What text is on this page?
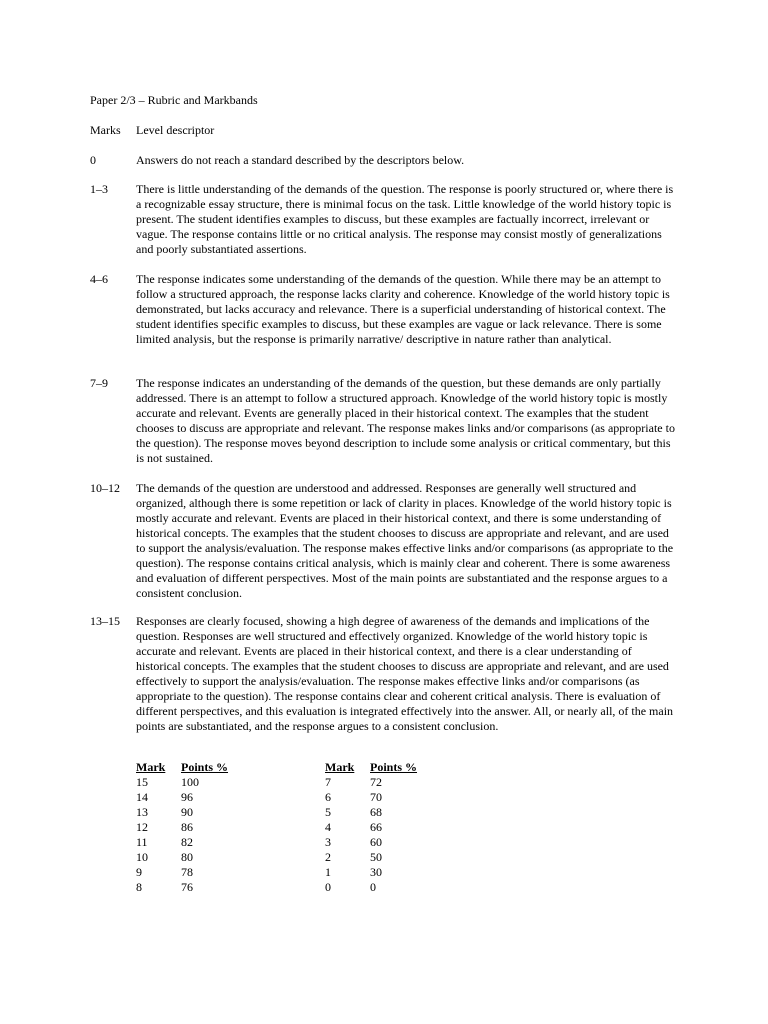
Paper 2/3 – Rubric and Markbands
Marks Level descriptor
0	Answers do not reach a standard described by the descriptors below.
1–3 There is little understanding of the demands of the question. The response is poorly structured or, where there is a recognizable essay structure, there is minimal focus on the task. Little knowledge of the world history topic is present. The student identifies examples to discuss, but these examples are factually incorrect, irrelevant or vague. The response contains little or no critical analysis. The response may consist mostly of generalizations and poorly substantiated assertions.
4–6 The response indicates some understanding of the demands of the question. While there may be an attempt to follow a structured approach, the response lacks clarity and coherence. Knowledge of the world history topic is demonstrated, but lacks accuracy and relevance. There is a superficial understanding of historical context. The student identifies specific examples to discuss, but these examples are vague or lack relevance. There is some limited analysis, but the response is primarily narrative/ descriptive in nature rather than analytical.
7–9 The response indicates an understanding of the demands of the question, but these demands are only partially addressed. There is an attempt to follow a structured approach. Knowledge of the world history topic is mostly accurate and relevant. Events are generally placed in their historical context. The examples that the student chooses to discuss are appropriate and relevant. The response makes links and/or comparisons (as appropriate to the question). The response moves beyond description to include some analysis or critical commentary, but this is not sustained.
10–12 The demands of the question are understood and addressed. Responses are generally well structured and organized, although there is some repetition or lack of clarity in places. Knowledge of the world history topic is mostly accurate and relevant. Events are placed in their historical context, and there is some understanding of historical concepts. The examples that the student chooses to discuss are appropriate and relevant, and are used to support the analysis/evaluation. The response makes effective links and/or comparisons (as appropriate to the question). The response contains critical analysis, which is mainly clear and coherent. There is some awareness and evaluation of different perspectives. Most of the main points are substantiated and the response argues to a consistent conclusion.
13–15 Responses are clearly focused, showing a high degree of awareness of the demands and implications of the question. Responses are well structured and effectively organized. Knowledge of the world history topic is accurate and relevant. Events are placed in their historical context, and there is a clear understanding of historical concepts. The examples that the student chooses to discuss are appropriate and relevant, and are used effectively to support the analysis/evaluation. The response makes effective links and/or comparisons (as appropriate to the question). The response contains clear and coherent critical analysis. There is evaluation of different perspectives, and this evaluation is integrated effectively into the answer. All, or nearly all, of the main points are substantiated, and the response argues to a consistent conclusion.
Mark	Points %
15	100
14	96
13	90
12	86
11	82
10	80
9	78
8	76
Mark	Points %
7	72
6	70
5	68
4	66
3	60
2	50
1	30
0	0
